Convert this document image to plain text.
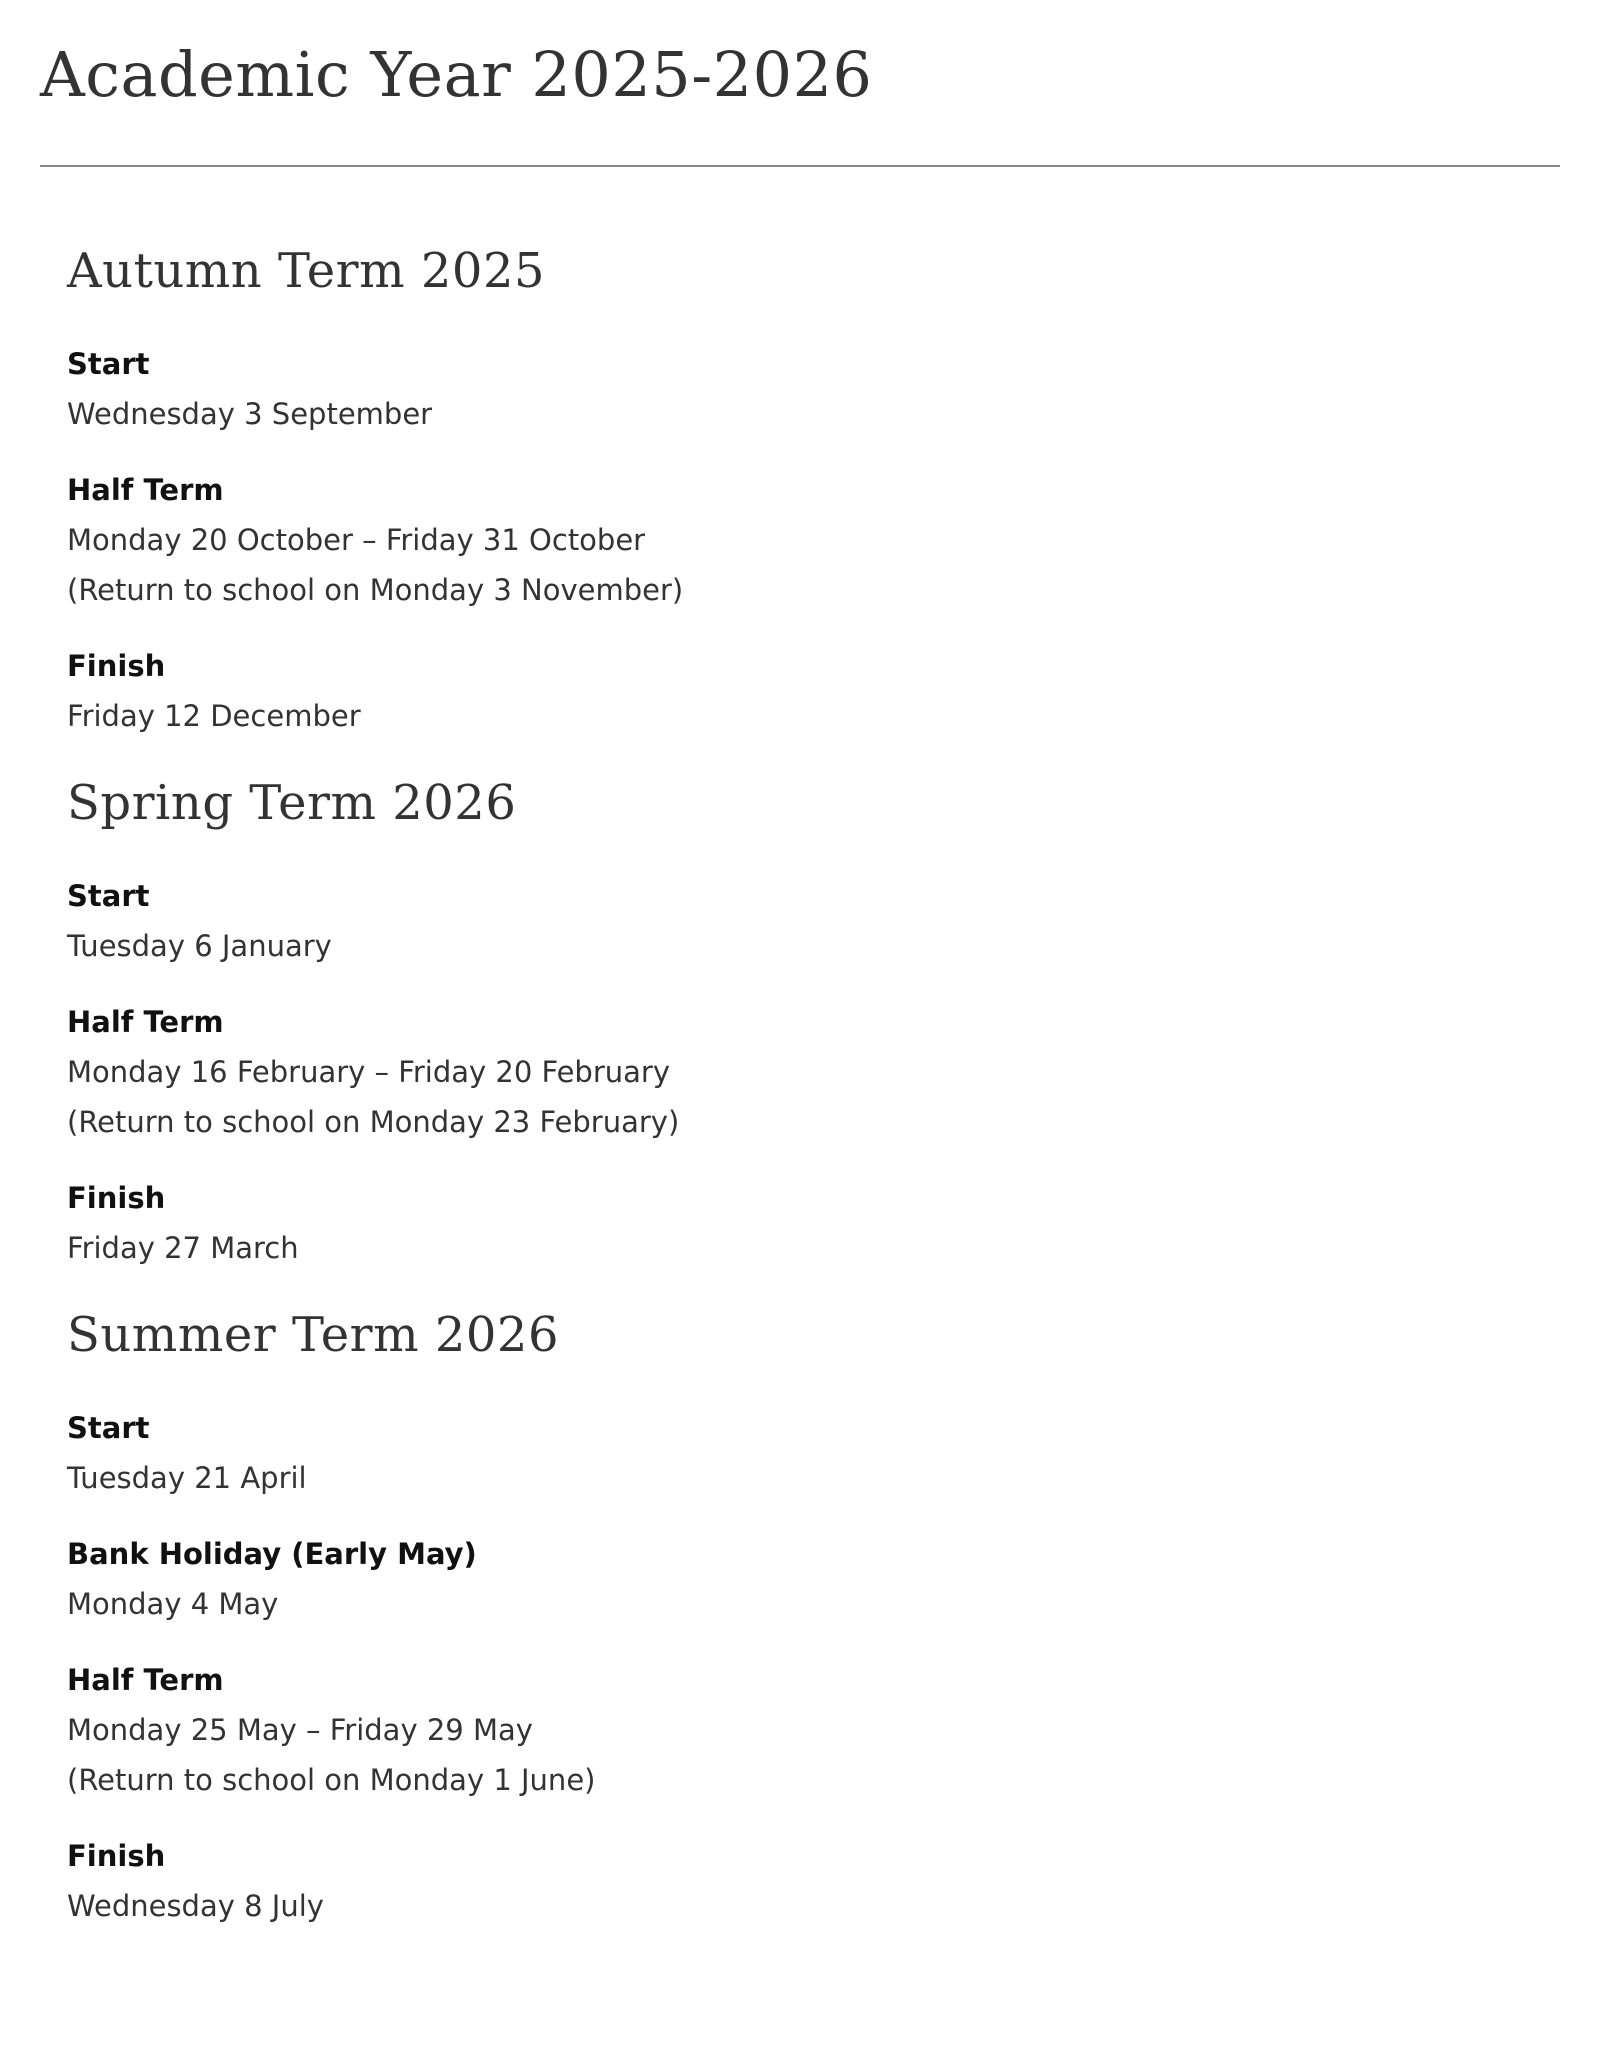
Academic Year 2025-2026
Autumn Term 2025
Start
Wednesday 3 September
Half Term
Monday 20 October – Friday 31 October
(Return to school on Monday 3 November)
Finish
Friday 12 December
Spring Term 2026
Start
Tuesday 6 January
Half Term
Monday 16 February – Friday 20 February
(Return to school on Monday 23 February)
Finish
Friday 27 March
Summer Term 2026
Start
Tuesday 21 April
Bank Holiday (Early May)
Monday 4 May
Half Term
Monday 25 May – Friday 29 May
(Return to school on Monday 1 June)
Finish
Wednesday 8 July
